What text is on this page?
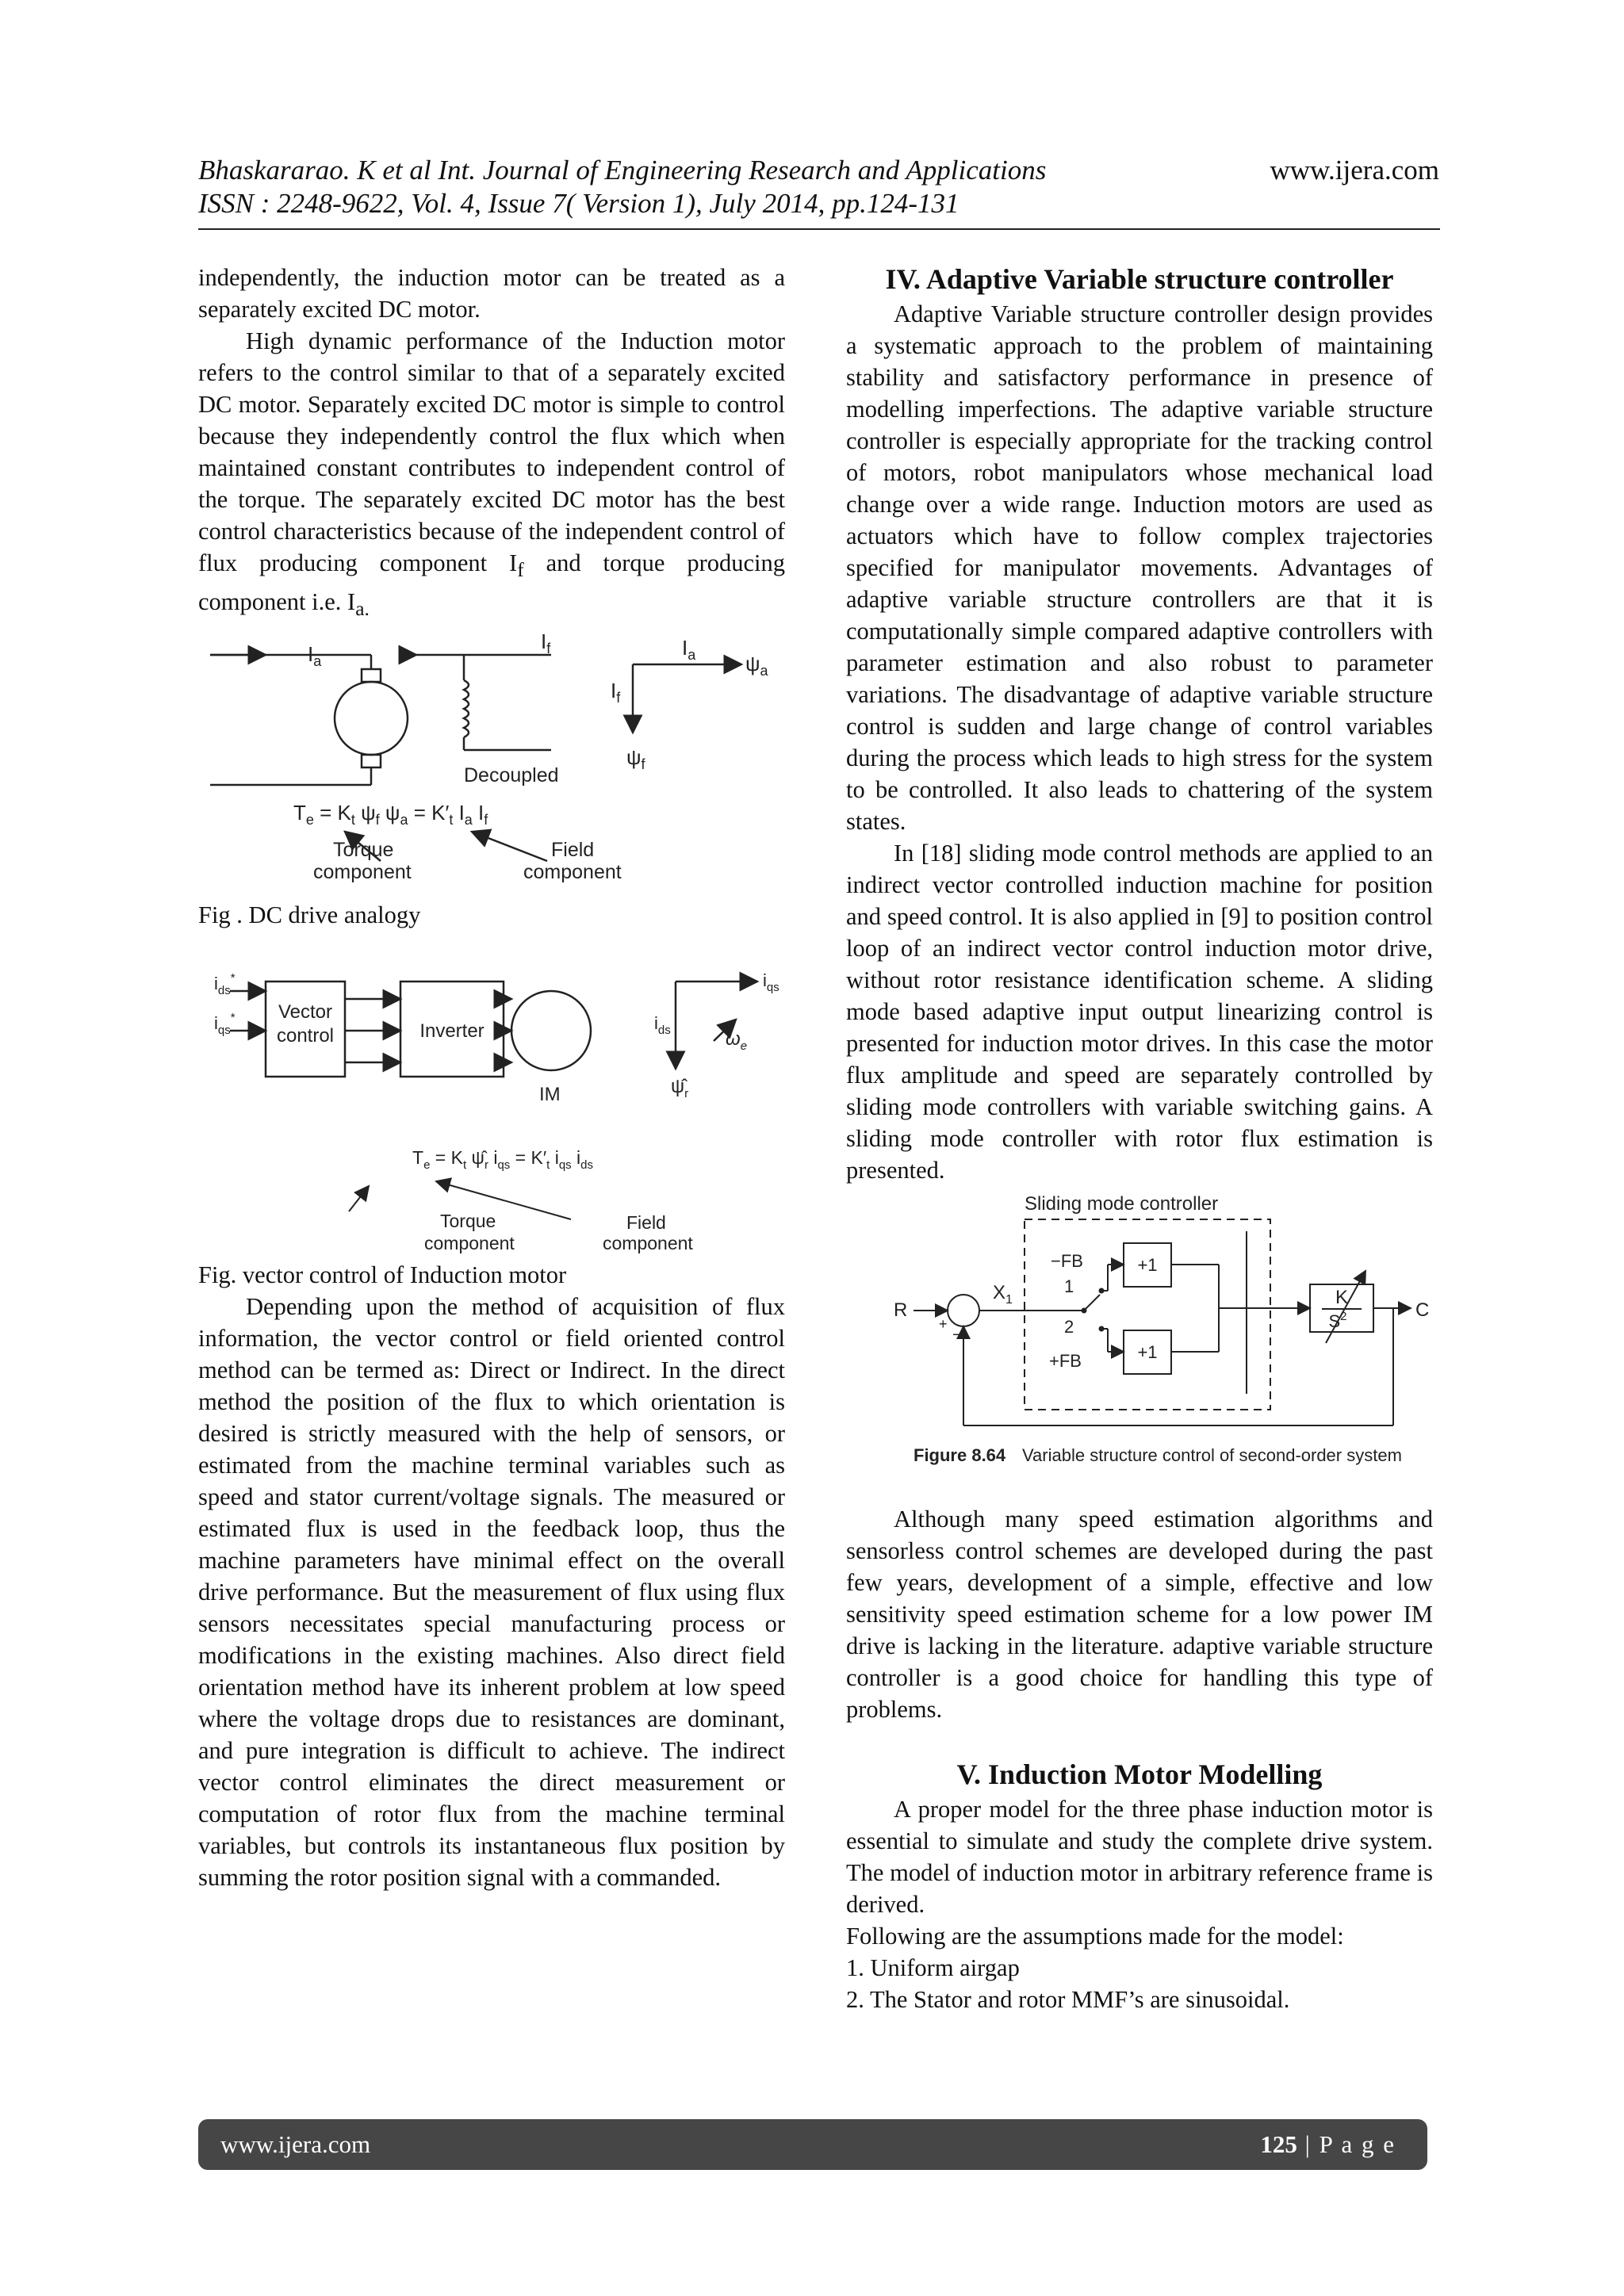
Bhaskararao. K et al Int. Journal of Engineering Research and Applications
ISSN : 2248-9622, Vol. 4, Issue 7( Version 1), July 2014, pp.124-131
www.ijera.com

independently, the induction motor can be treated as a separately excited DC motor.

High dynamic performance of the Induction motor refers to the control similar to that of a separately excited DC motor. Separately excited DC motor is simple to control because they independently control the flux which when maintained constant contributes to independent control of the torque. The separately excited DC motor has the best control characteristics because of the independent control of flux producing component $I_f$ and torque producing component i.e. $I_{a.}$

$I_a$
$I_f$
Decoupled
$I_a$ $\psi_a$
$I_f$
$\psi_f$
$T_e = K_t$ $\psi_f$ $\psi_a = K'_t$ $I_a$ $I_f$
Torque
component
Field
component

Fig . DC drive analogy

$i_{ds}^*$
$i_{qs}^*$ Vector control	Inverter
IM
$i_{qs}$
$i_{ds}$	$\omega_e$
$\psî_r$
$T_e = K_t$ $\psî_r$ $i_{qs} = K'_t$ $i_{qs}$ $i_{ds}$
Torque
component
Field
component

Fig. vector control of Induction motor

Depending upon the method of acquisition of flux information, the vector control or field oriented control method can be termed as: Direct or Indirect. In the direct method the position of the flux to which orientation is desired is strictly measured with the help of sensors, or estimated from the machine terminal variables such as speed and stator current/voltage signals. The measured or estimated flux is used in the feedback loop, thus the machine parameters have minimal effect on the overall drive performance. But the measurement of flux using flux sensors necessitates special manufacturing process or modifications in the existing machines. Also direct field orientation method have its inherent problem at low speed where the voltage drops due to resistances are dominant, and pure integration is difficult to achieve. The indirect vector control eliminates the direct measurement or computation of rotor flux from the machine terminal variables, but controls its instantaneous flux position by summing the rotor position signal with a commanded.

IV. Adaptive Variable structure controller

Adaptive Variable structure controller design provides a systematic approach to the problem of maintaining stability and satisfactory performance in presence of modelling imperfections. The adaptive variable structure controller is especially appropriate for the tracking control of motors, robot manipulators whose mechanical load change over a wide range. Induction motors are used as actuators which have to follow complex trajectories specified for manipulator movements. Advantages of adaptive variable structure controllers are that it is computationally simple compared adaptive controllers with parameter estimation and also robust to parameter variations. The disadvantage of adaptive variable structure control is sudden and large change of control variables during the process which leads to high stress for the system to be controlled. It also leads to chattering of the system states.

In [18] sliding mode control methods are applied to an indirect vector controlled induction machine for position and speed control. It is also applied in [9] to position control loop of an indirect vector control induction motor drive, without rotor resistance identification scheme. A sliding mode based adaptive input output linearizing control is presented for induction motor drives. In this case the motor flux amplitude and speed are separately controlled by sliding mode controllers with variable switching gains. A sliding mode controller with rotor flux estimation is presented.

Sliding mode controller
R
+
−
$X_1$
−FB
1
2
+FB
+1
+1
K
$S^2$	C
Figure 8.64 Variable structure control of second-order system

Although many speed estimation algorithms and sensorless control schemes are developed during the past few years, development of a simple, effective and low sensitivity speed estimation scheme for a low power IM drive is lacking in the literature. adaptive variable structure controller is a good choice for handling this type of problems.

V. Induction Motor Modelling

A proper model for the three phase induction motor is essential to simulate and study the complete drive system. The model of induction motor in arbitrary reference frame is derived.

Following are the assumptions made for the model:

1. Uniform airgap

2. The Stator and rotor MMF’s are sinusoidal.

www.ijera.com	125 | P a g e
